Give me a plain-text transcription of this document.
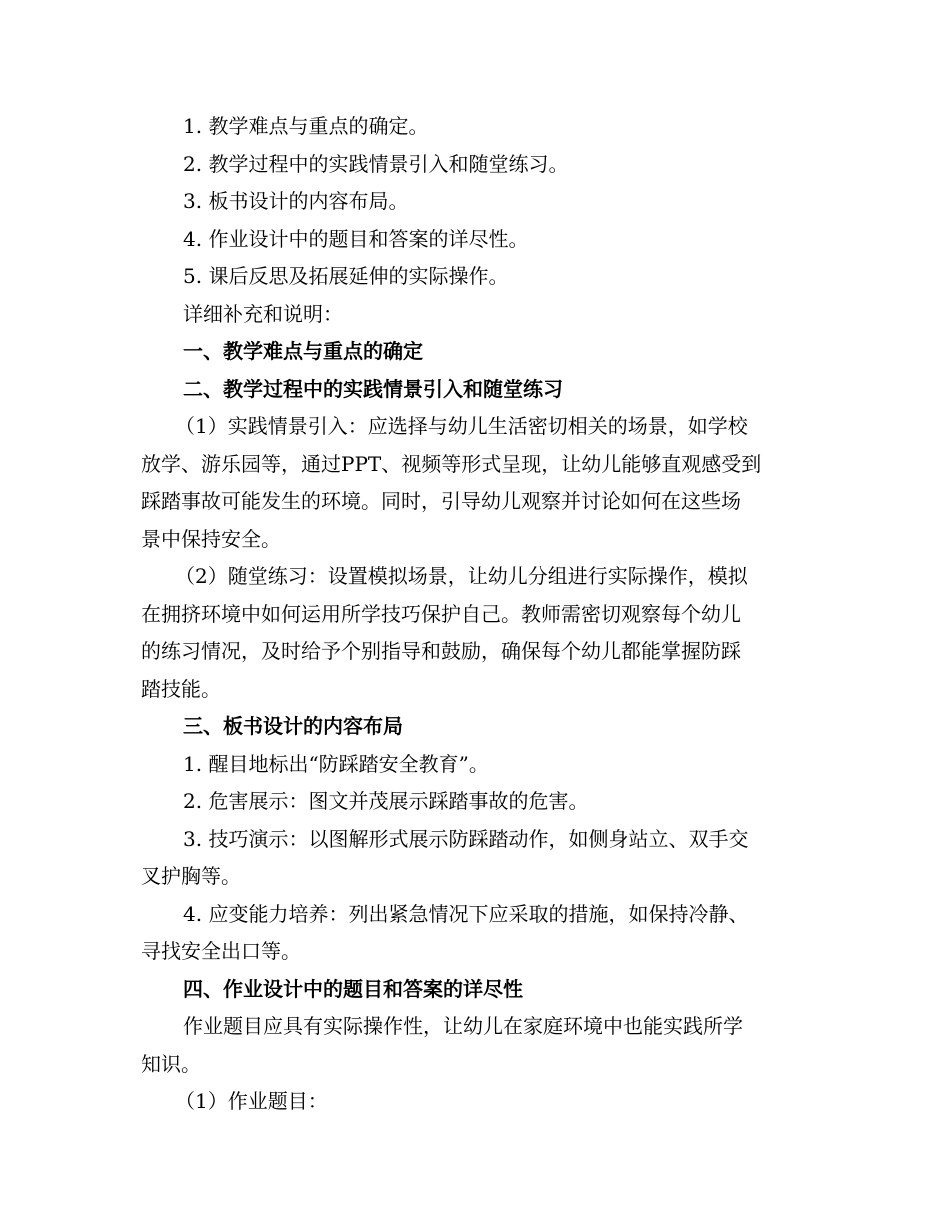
1. 教学难点与重点的确定。

2. 教学过程中的实践情景引入和随堂练习。

3. 板书设计的内容布局。

4. 作业设计中的题目和答案的详尽性。

5. 课后反思及拓展延伸的实际操作。

详细补充和说明：

一、教学难点与重点的确定

二、教学过程中的实践情景引入和随堂练习

（1）实践情景引入：应选择与幼儿生活密切相关的场景，如学校

放学、游乐园等，通过PPT、视频等形式呈现，让幼儿能够直观感受到

踩踏事故可能发生的环境。同时，引导幼儿观察并讨论如何在这些场

景中保持安全。

（2）随堂练习：设置模拟场景，让幼儿分组进行实际操作，模拟

在拥挤环境中如何运用所学技巧保护自己。教师需密切观察每个幼儿

的练习情况，及时给予个别指导和鼓励，确保每个幼儿都能掌握防踩

踏技能。

三、板书设计的内容布局

1. 醒目地标出“防踩踏安全教育”。

2. 危害展示：图文并茂展示踩踏事故的危害。

3. 技巧演示：以图解形式展示防踩踏动作，如侧身站立、双手交

叉护胸等。

4. 应变能力培养：列出紧急情况下应采取的措施，如保持冷静、

寻找安全出口等。

四、作业设计中的题目和答案的详尽性

作业题目应具有实际操作性，让幼儿在家庭环境中也能实践所学

知识。

（1）作业题目：
